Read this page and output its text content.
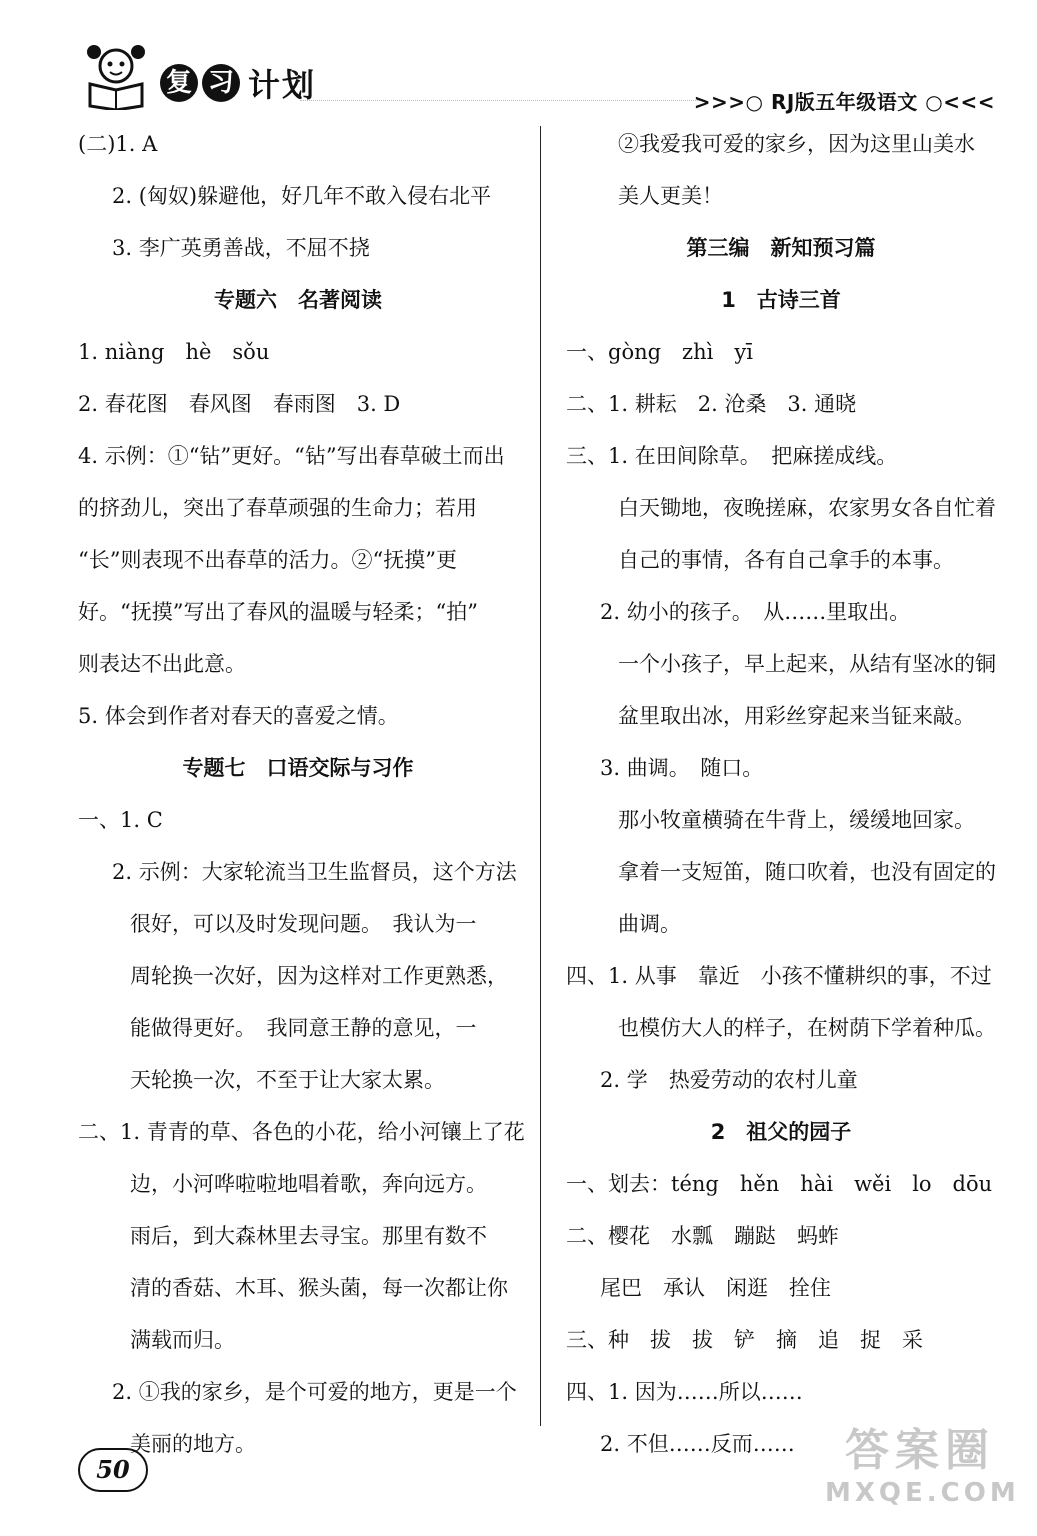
复 习 计划	>>>○ RJ版五年级语文 ○<<<
(二)1. A
2. (匈奴)躲避他，好几年不敢入侵右北平
3. 李广英勇善战，不屈不挠
专题六　名著阅读
1. niàng　hè　sǒu
2. 春花图　春风图　春雨图　3. D
4. 示例：①“钻”更好。“钻”写出春草破土而出
的挤劲儿，突出了春草顽强的生命力；若用
“长”则表现不出春草的活力。②“抚摸”更
好。“抚摸”写出了春风的温暖与轻柔；“拍”
则表达不出此意。
5. 体会到作者对春天的喜爱之情。
专题七　口语交际与习作
一、1. C
2. 示例：大家轮流当卫生监督员，这个方法
很好，可以及时发现问题。　我认为一
周轮换一次好，因为这样对工作更熟悉，
能做得更好。　我同意王静的意见，一
天轮换一次，不至于让大家太累。
二、1. 青青的草、各色的小花，给小河镶上了花
边，小河哗啦啦地唱着歌，奔向远方。
雨后，到大森林里去寻宝。那里有数不
清的香菇、木耳、猴头菌，每一次都让你
满载而归。
2. ①我的家乡，是个可爱的地方，更是一个
美丽的地方。
②我爱我可爱的家乡，因为这里山美水
美人更美！
第三编　新知预习篇
1　古诗三首
一、gòng　zhì　yī
二、1. 耕耘　2. 沧桑　3. 通晓
三、1. 在田间除草。　把麻搓成线。
白天锄地，夜晚搓麻，农家男女各自忙着
自己的事情，各有自己拿手的本事。
2. 幼小的孩子。　从……里取出。
一个小孩子，早上起来，从结有坚冰的铜
盆里取出冰，用彩丝穿起来当钲来敲。
3. 曲调。　随口。
那小牧童横骑在牛背上，缓缓地回家。
拿着一支短笛，随口吹着，也没有固定的
曲调。
四、1. 从事　靠近　小孩不懂耕织的事，不过
也模仿大人的样子，在树荫下学着种瓜。
2. 学　热爱劳动的农村儿童
2　祖父的园子
一、划去：téng　hěn　hài　wěi　lo　dōu
二、樱花　水瓢　蹦跶　蚂蚱
尾巴　承认　闲逛　拴住
三、种　拔　拔　铲　摘　追　捉　采
四、1. 因为……所以……
2. 不但……反而……
50	答案圈
MXQE.COM
